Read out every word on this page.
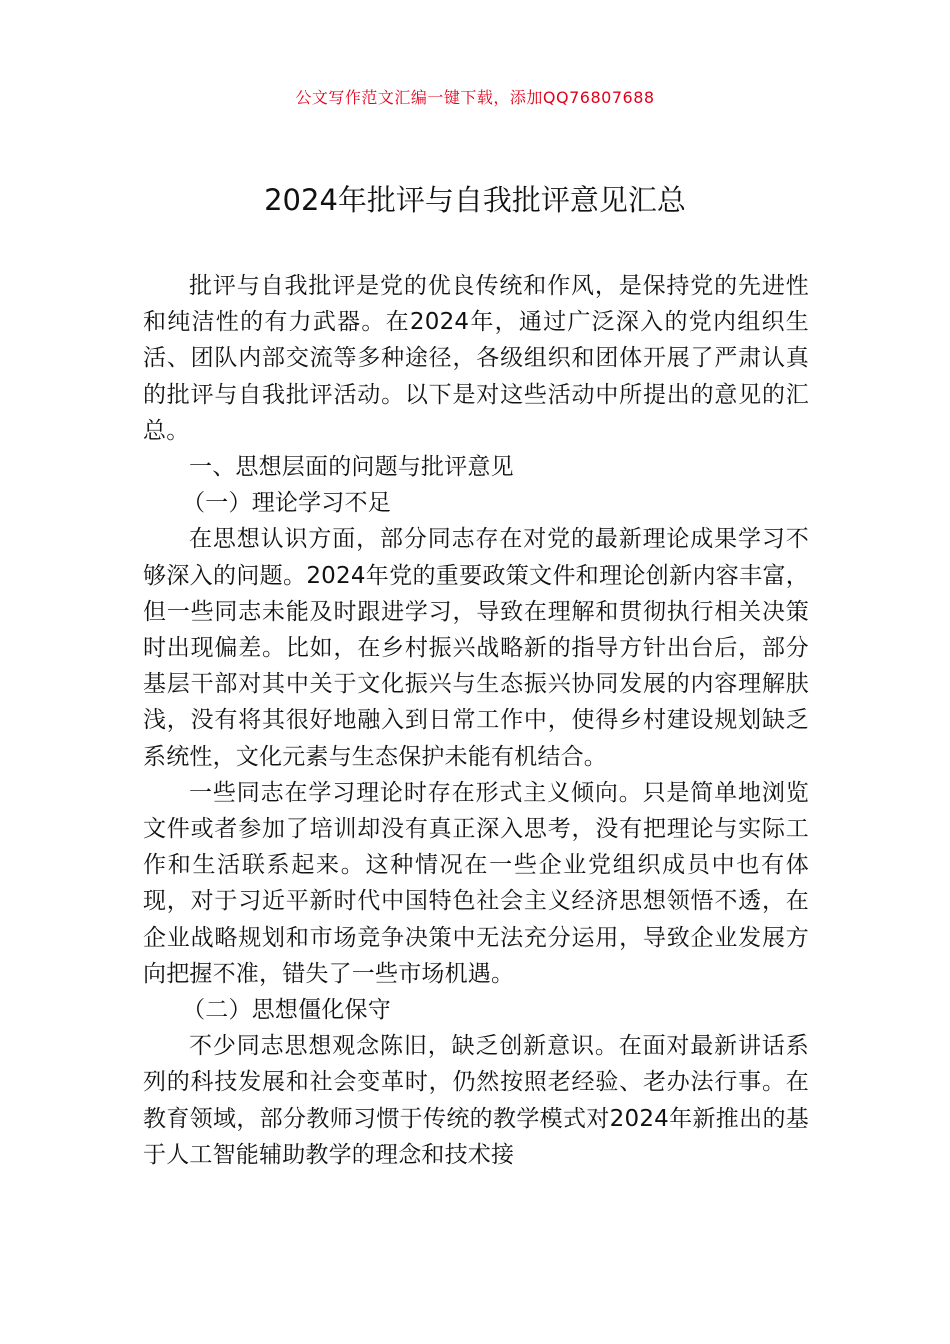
公文写作范文汇编一键下载，添加QQ76807688
2024年批评与自我批评意见汇总

批评与自我批评是党的优良传统和作风，是保持党的先进性和纯洁性的有力武器。在2024年，通过广泛深入的党内组织生活、团队内部交流等多种途径，各级组织和团体开展了严肃认真的批评与自我批评活动。以下是对这些活动中所提出的意见的汇总。

一、思想层面的问题与批评意见

（一）理论学习不足

在思想认识方面，部分同志存在对党的最新理论成果学习不够深入的问题。2024年党的重要政策文件和理论创新内容丰富，但一些同志未能及时跟进学习，导致在理解和贯彻执行相关决策时出现偏差。比如，在乡村振兴战略新的指导方针出台后，部分基层干部对其中关于文化振兴与生态振兴协同发展的内容理解肤浅，没有将其很好地融入到日常工作中，使得乡村建设规划缺乏系统性，文化元素与生态保护未能有机结合。

一些同志在学习理论时存在形式主义倾向。只是简单地浏览文件或者参加了培训却没有真正深入思考，没有把理论与实际工作和生活联系起来。这种情况在一些企业党组织成员中也有体现，对于习近平新时代中国特色社会主义经济思想领悟不透，在企业战略规划和市场竞争决策中无法充分运用，导致企业发展方向把握不准，错失了一些市场机遇。

（二）思想僵化保守

不少同志思想观念陈旧，缺乏创新意识。在面对最新讲话系列的科技发展和社会变革时，仍然按照老经验、老办法行事。在教育领域，部分教师习惯于传统的教学模式对2024年新推出的基于人工智能辅助教学的理念和技术接
